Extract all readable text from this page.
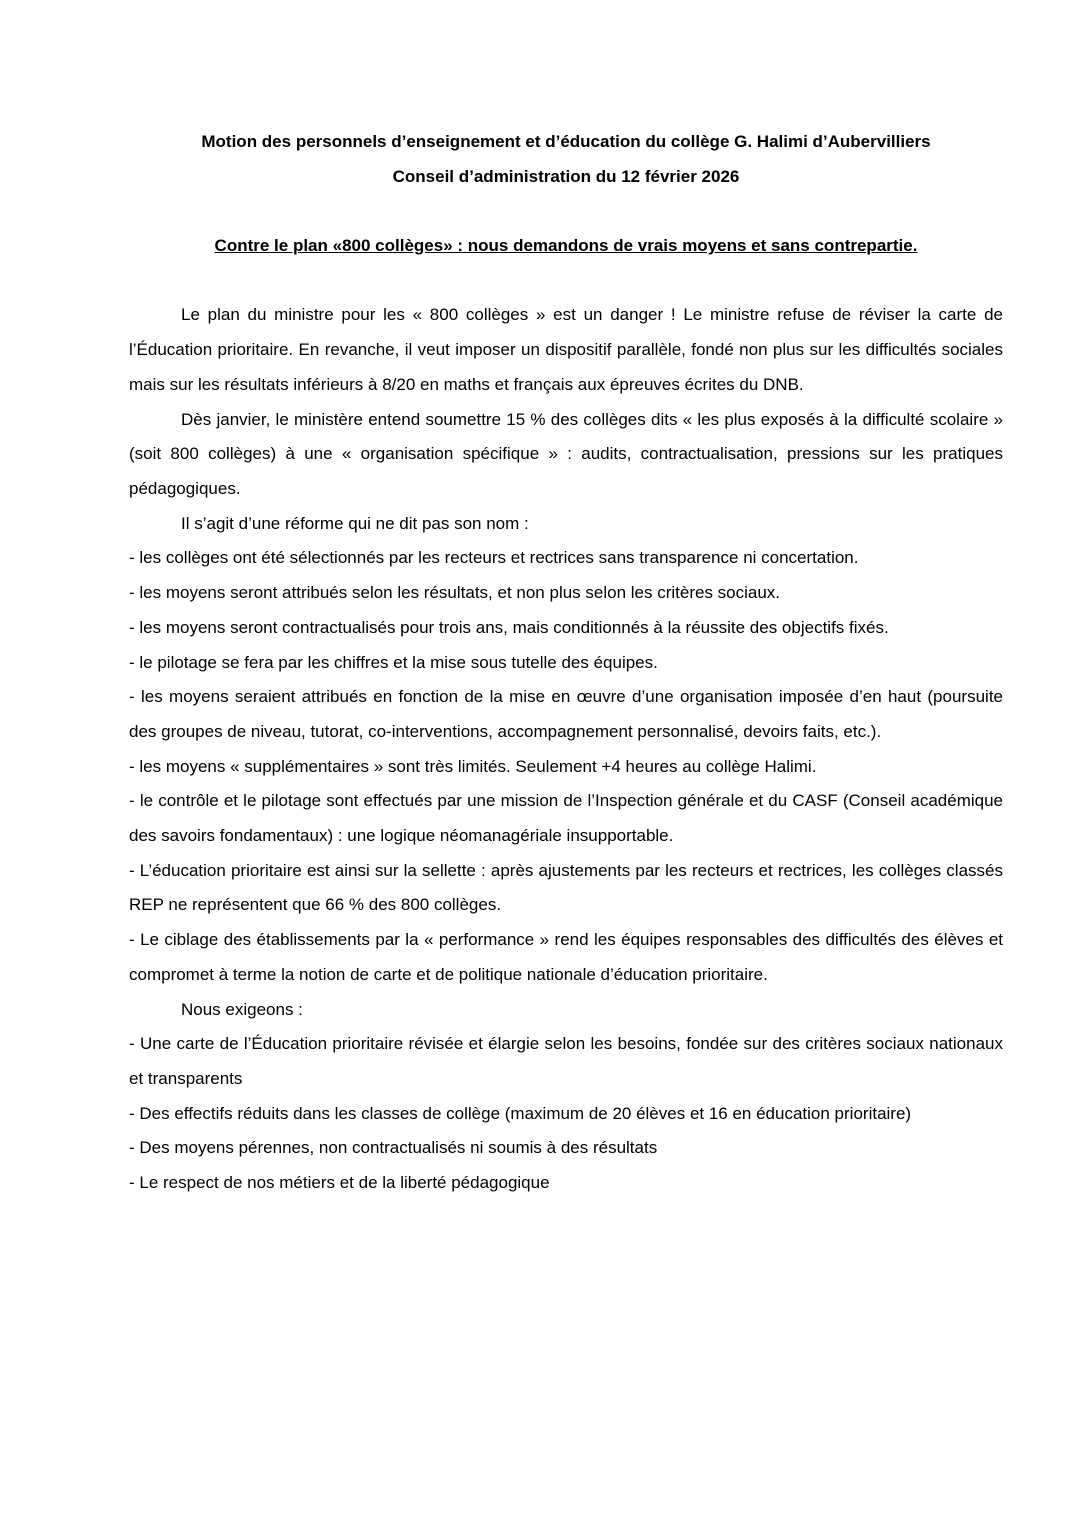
Motion des personnels d’enseignement et d’éducation du collège G. Halimi d’Aubervilliers

Conseil d’administration du 12 février 2026

Contre le plan «800 collèges» : nous demandons de vrais moyens et sans contrepartie.

Le plan du ministre pour les « 800 collèges » est un danger ! Le ministre refuse de réviser la carte de l’Éducation prioritaire. En revanche, il veut imposer un dispositif parallèle, fondé non plus sur les difficultés sociales mais sur les résultats inférieurs à 8/20 en maths et français aux épreuves écrites du DNB.

Dès janvier, le ministère entend soumettre 15 % des collèges dits « les plus exposés à la difficulté scolaire » (soit 800 collèges) à une « organisation spécifique » : audits, contractualisation, pressions sur les pratiques pédagogiques.

Il s’agit d’une réforme qui ne dit pas son nom :

- les collèges ont été sélectionnés par les recteurs et rectrices sans transparence ni concertation.

- les moyens seront attribués selon les résultats, et non plus selon les critères sociaux.

- les moyens seront contractualisés pour trois ans, mais conditionnés à la réussite des objectifs fixés.

- le pilotage se fera par les chiffres et la mise sous tutelle des équipes.

- les moyens seraient attribués en fonction de la mise en œuvre d’une organisation imposée d’en haut (poursuite des groupes de niveau, tutorat, co-interventions, accompagnement personnalisé, devoirs faits, etc.).

- les moyens « supplémentaires » sont très limités. Seulement +4 heures au collège Halimi.

- le contrôle et le pilotage sont effectués par une mission de l’Inspection générale et du CASF (Conseil académique des savoirs fondamentaux) : une logique néomanagériale insupportable.

- L’éducation prioritaire est ainsi sur la sellette : après ajustements par les recteurs et rectrices, les collèges classés REP ne représentent que 66 % des 800 collèges.

- Le ciblage des établissements par la « performance » rend les équipes responsables des difficultés des élèves et compromet à terme la notion de carte et de politique nationale d’éducation prioritaire.

Nous exigeons :

- Une carte de l’Éducation prioritaire révisée et élargie selon les besoins, fondée sur des critères sociaux nationaux et transparents

- Des effectifs réduits dans les classes de collège (maximum de 20 élèves et 16 en éducation prioritaire)

- Des moyens pérennes, non contractualisés ni soumis à des résultats

- Le respect de nos métiers et de la liberté pédagogique
